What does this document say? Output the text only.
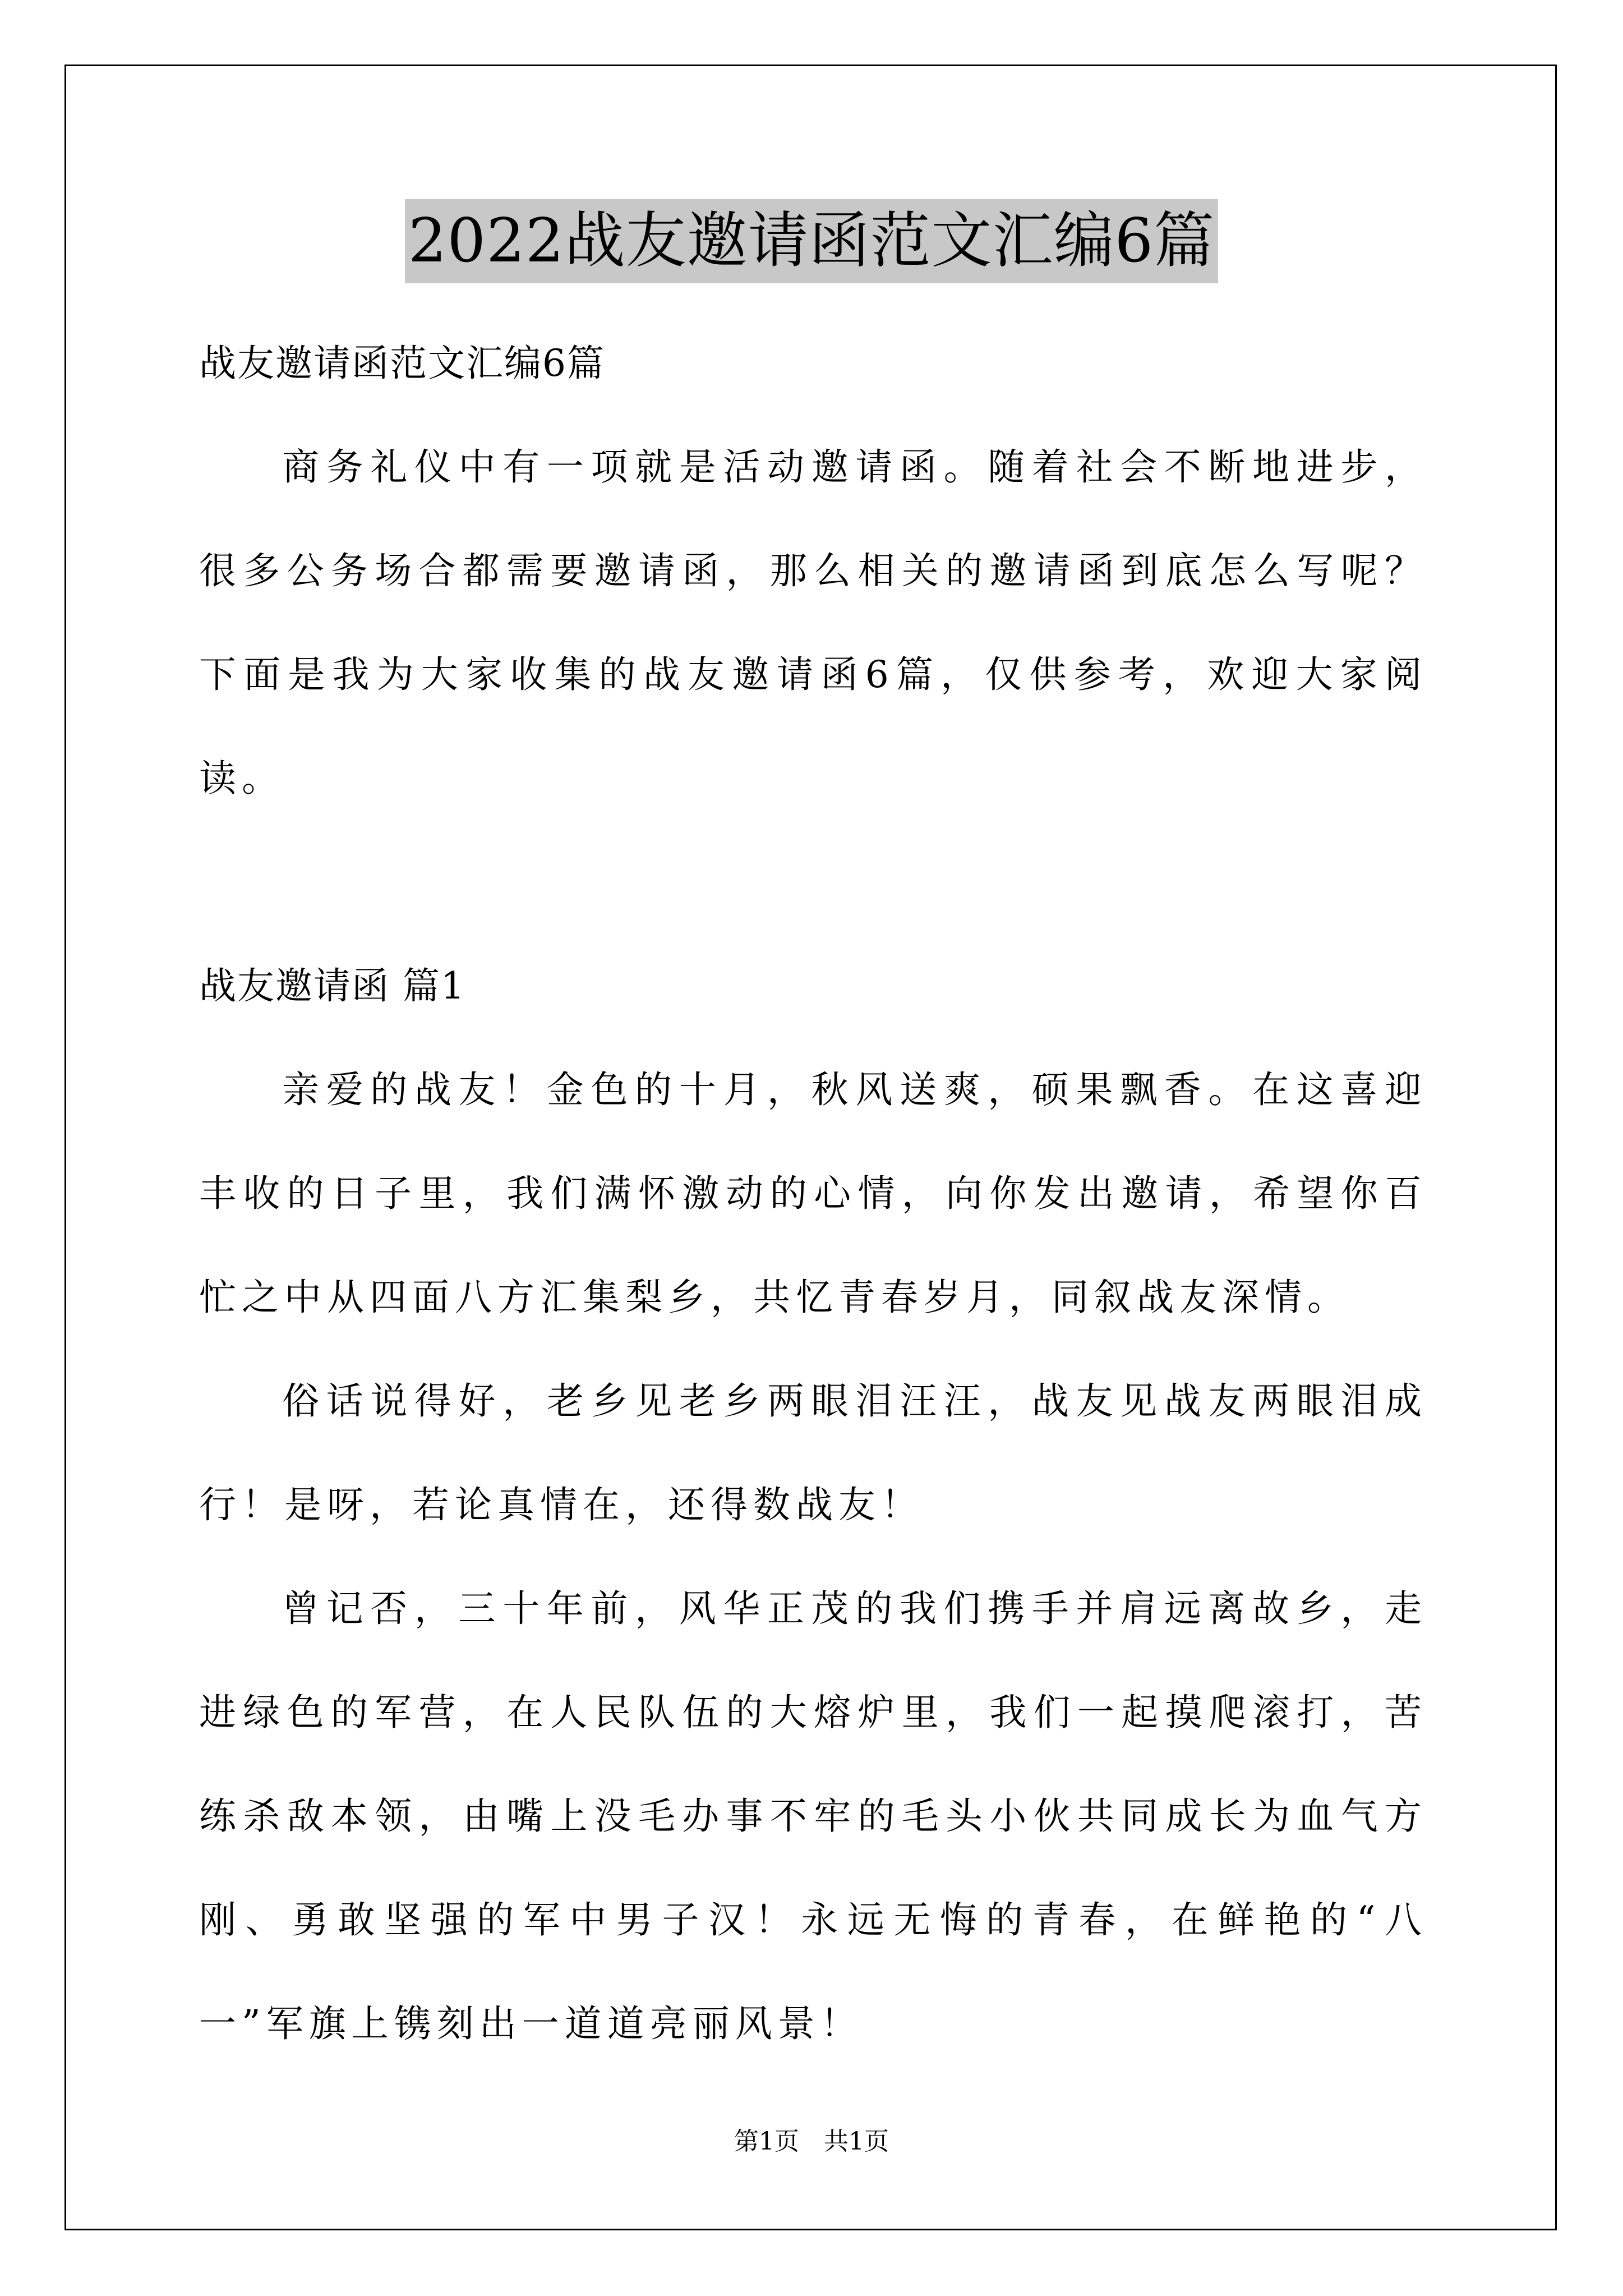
2022战友邀请函范文汇编6篇

战友邀请函范文汇编6篇

商务礼仪中有一项就是活动邀请函。随着社会不断地进步，很多公务场合都需要邀请函，那么相关的邀请函到底怎么写呢？下面是我为大家收集的战友邀请函6篇，仅供参考，欢迎大家阅读。

战友邀请函 篇1

亲爱的战友！金色的十月，秋风送爽，硕果飘香。在这喜迎丰收的日子里，我们满怀激动的心情，向你发出邀请，希望你百忙之中从四面八方汇集梨乡，共忆青春岁月，同叙战友深情。

俗话说得好，老乡见老乡两眼泪汪汪，战友见战友两眼泪成行！是呀，若论真情在，还得数战友！

曾记否，三十年前，风华正茂的我们携手并肩远离故乡，走进绿色的军营，在人民队伍的大熔炉里，我们一起摸爬滚打，苦练杀敌本领，由嘴上没毛办事不牢的毛头小伙共同成长为血气方刚、勇敢坚强的军中男子汉！永远无悔的青春，在鲜艳的“八一”军旗上镌刻出一道道亮丽风景！

第1页　共1页
